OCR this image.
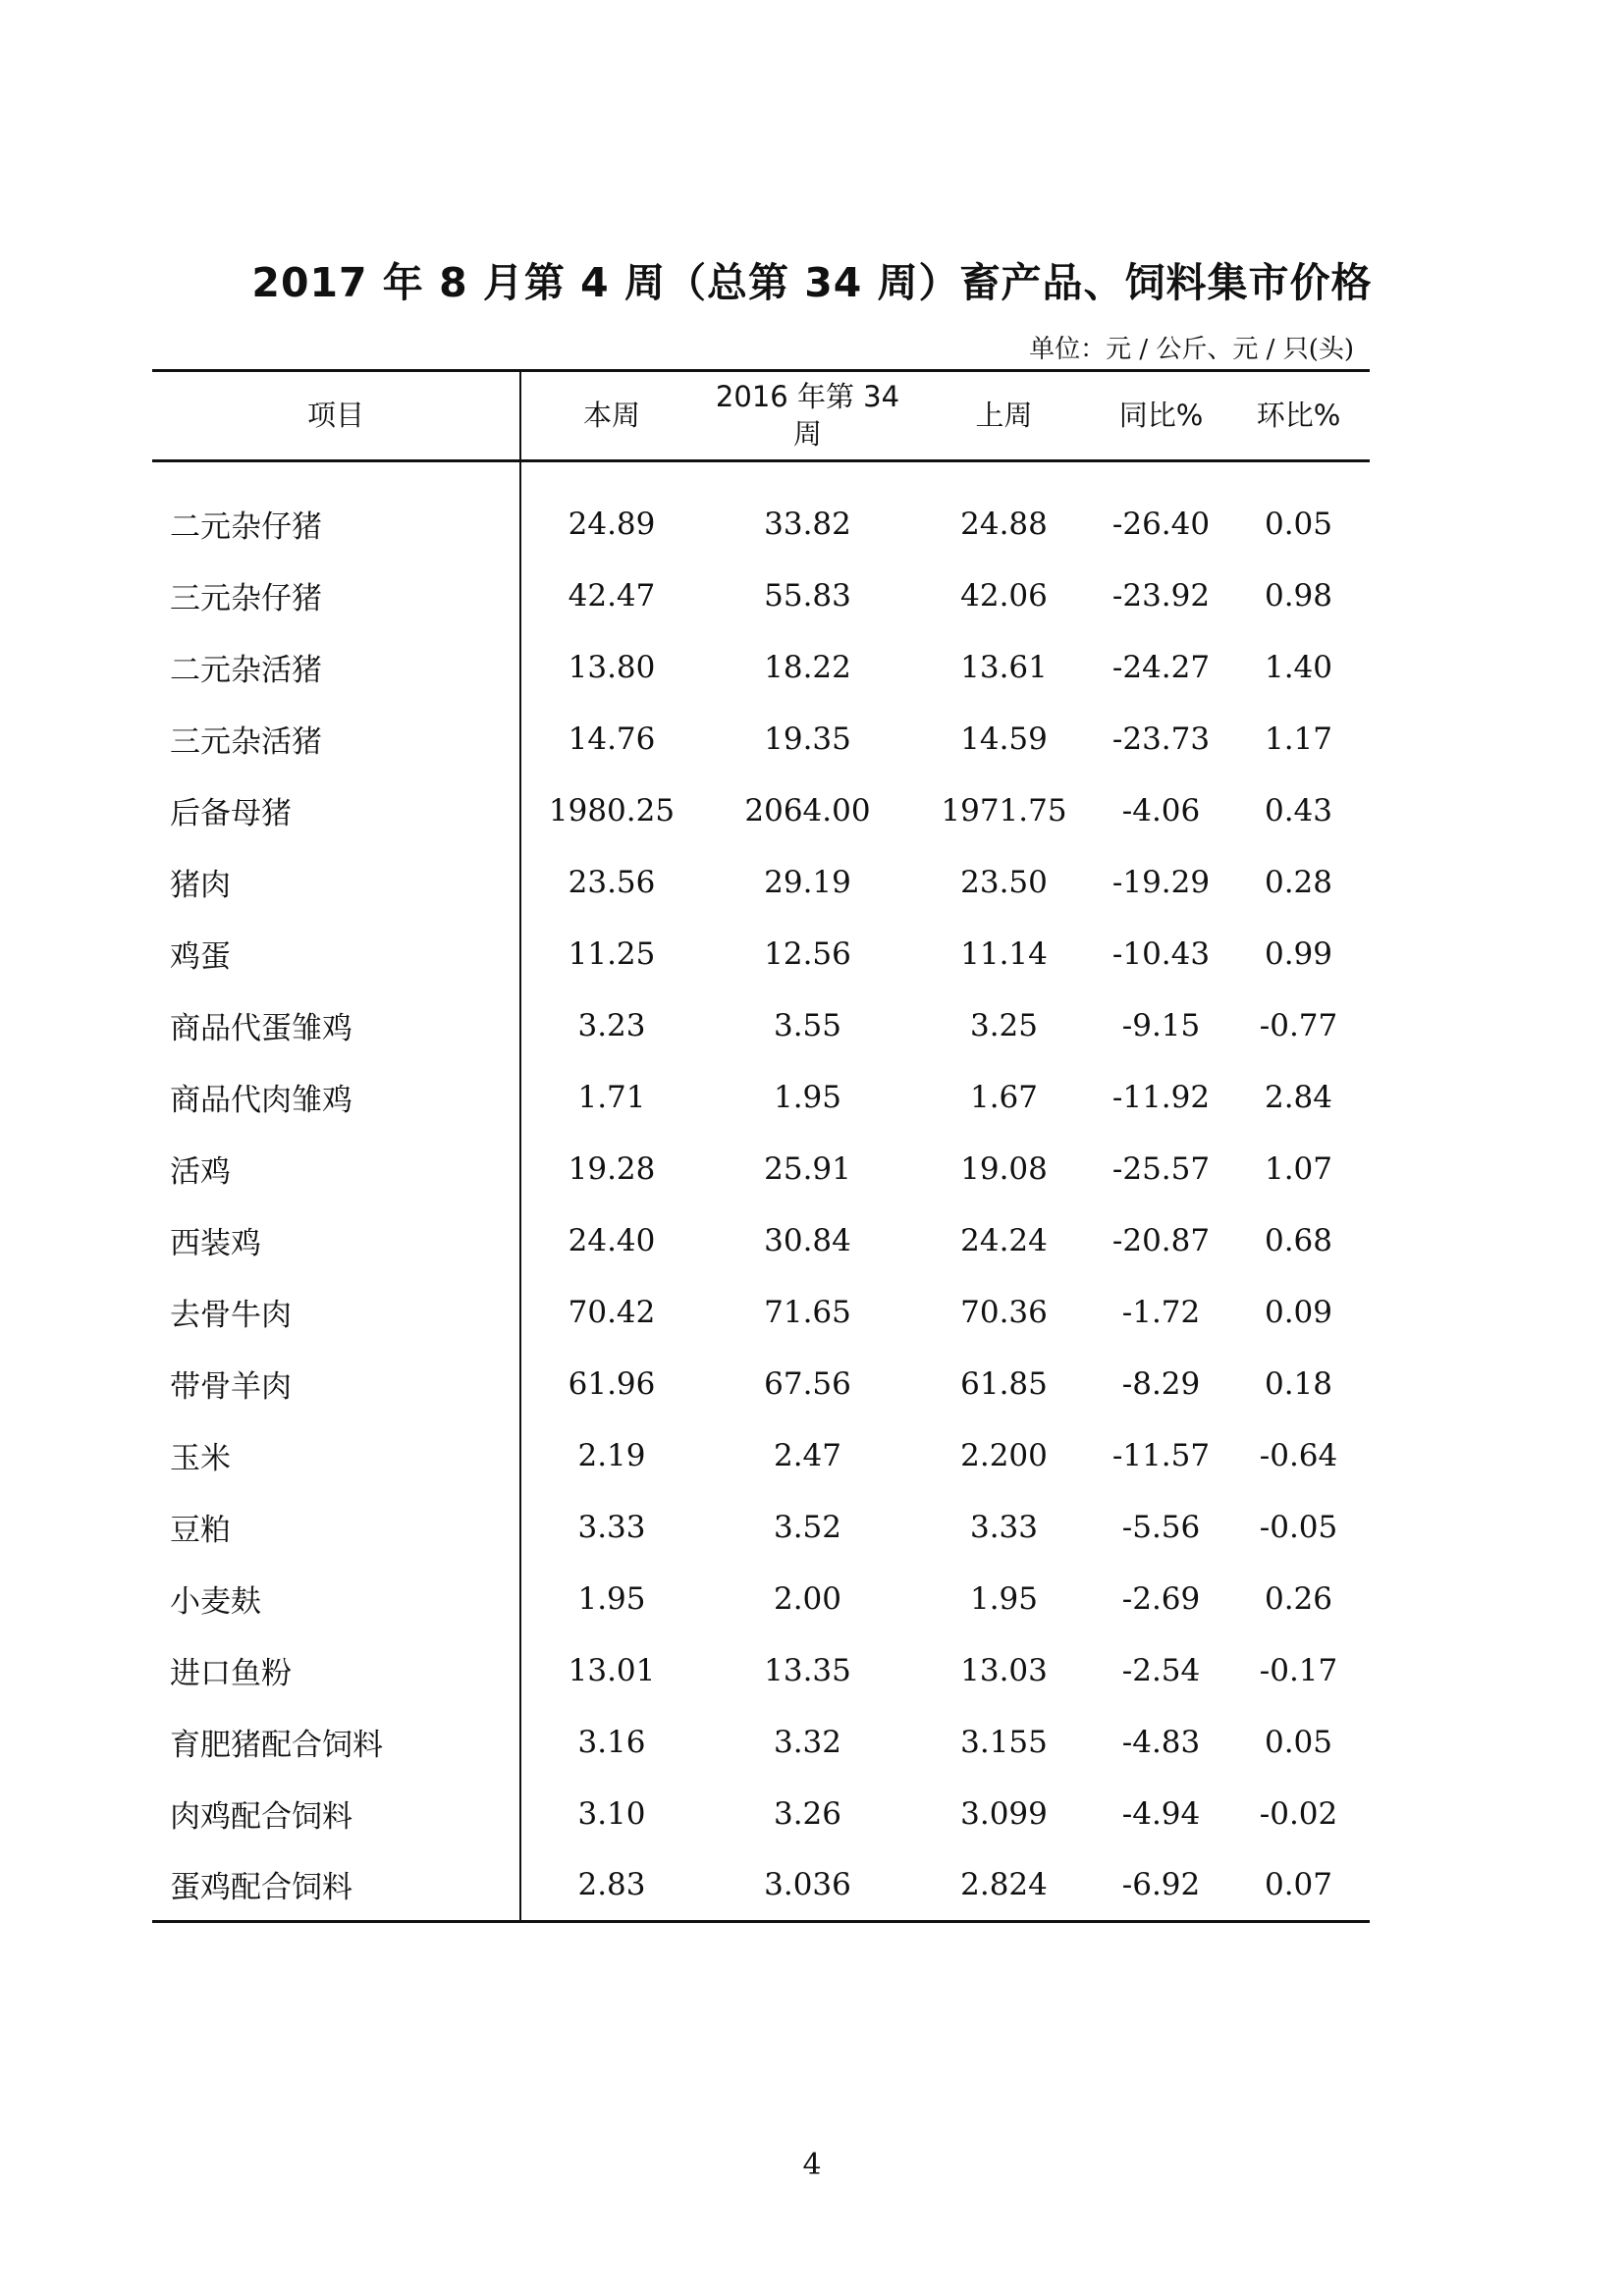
2017 年 8 月第 4 周（总第 34 周）畜产品、饲料集市价格
单位：元 / 公斤、元 / 只(头)
项目	本周	2016 年第 34 周	上周	同比%	环比%

二元杂仔猪	24.89	33.82	24.88	-26.40	0.05
三元杂仔猪	42.47	55.83	42.06	-23.92	0.98
二元杂活猪	13.80	18.22	13.61	-24.27	1.40
三元杂活猪	14.76	19.35	14.59	-23.73	1.17
后备母猪	1980.25	2064.00	1971.75	-4.06	0.43
猪肉	23.56	29.19	23.50	-19.29	0.28
鸡蛋	11.25	12.56	11.14	-10.43	0.99
商品代蛋雏鸡	3.23	3.55	3.25	-9.15	-0.77
商品代肉雏鸡	1.71	1.95	1.67	-11.92	2.84
活鸡	19.28	25.91	19.08	-25.57	1.07
西装鸡	24.40	30.84	24.24	-20.87	0.68
去骨牛肉	70.42	71.65	70.36	-1.72	0.09
带骨羊肉	61.96	67.56	61.85	-8.29	0.18
玉米	2.19	2.47	2.200	-11.57	-0.64
豆粕	3.33	3.52	3.33	-5.56	-0.05
小麦麸	1.95	2.00	1.95	-2.69	0.26
进口鱼粉	13.01	13.35	13.03	-2.54	-0.17
育肥猪配合饲料	3.16	3.32	3.155	-4.83	0.05
肉鸡配合饲料	3.10	3.26	3.099	-4.94	-0.02
蛋鸡配合饲料	2.83	3.036	2.824	-6.92	0.07
4
